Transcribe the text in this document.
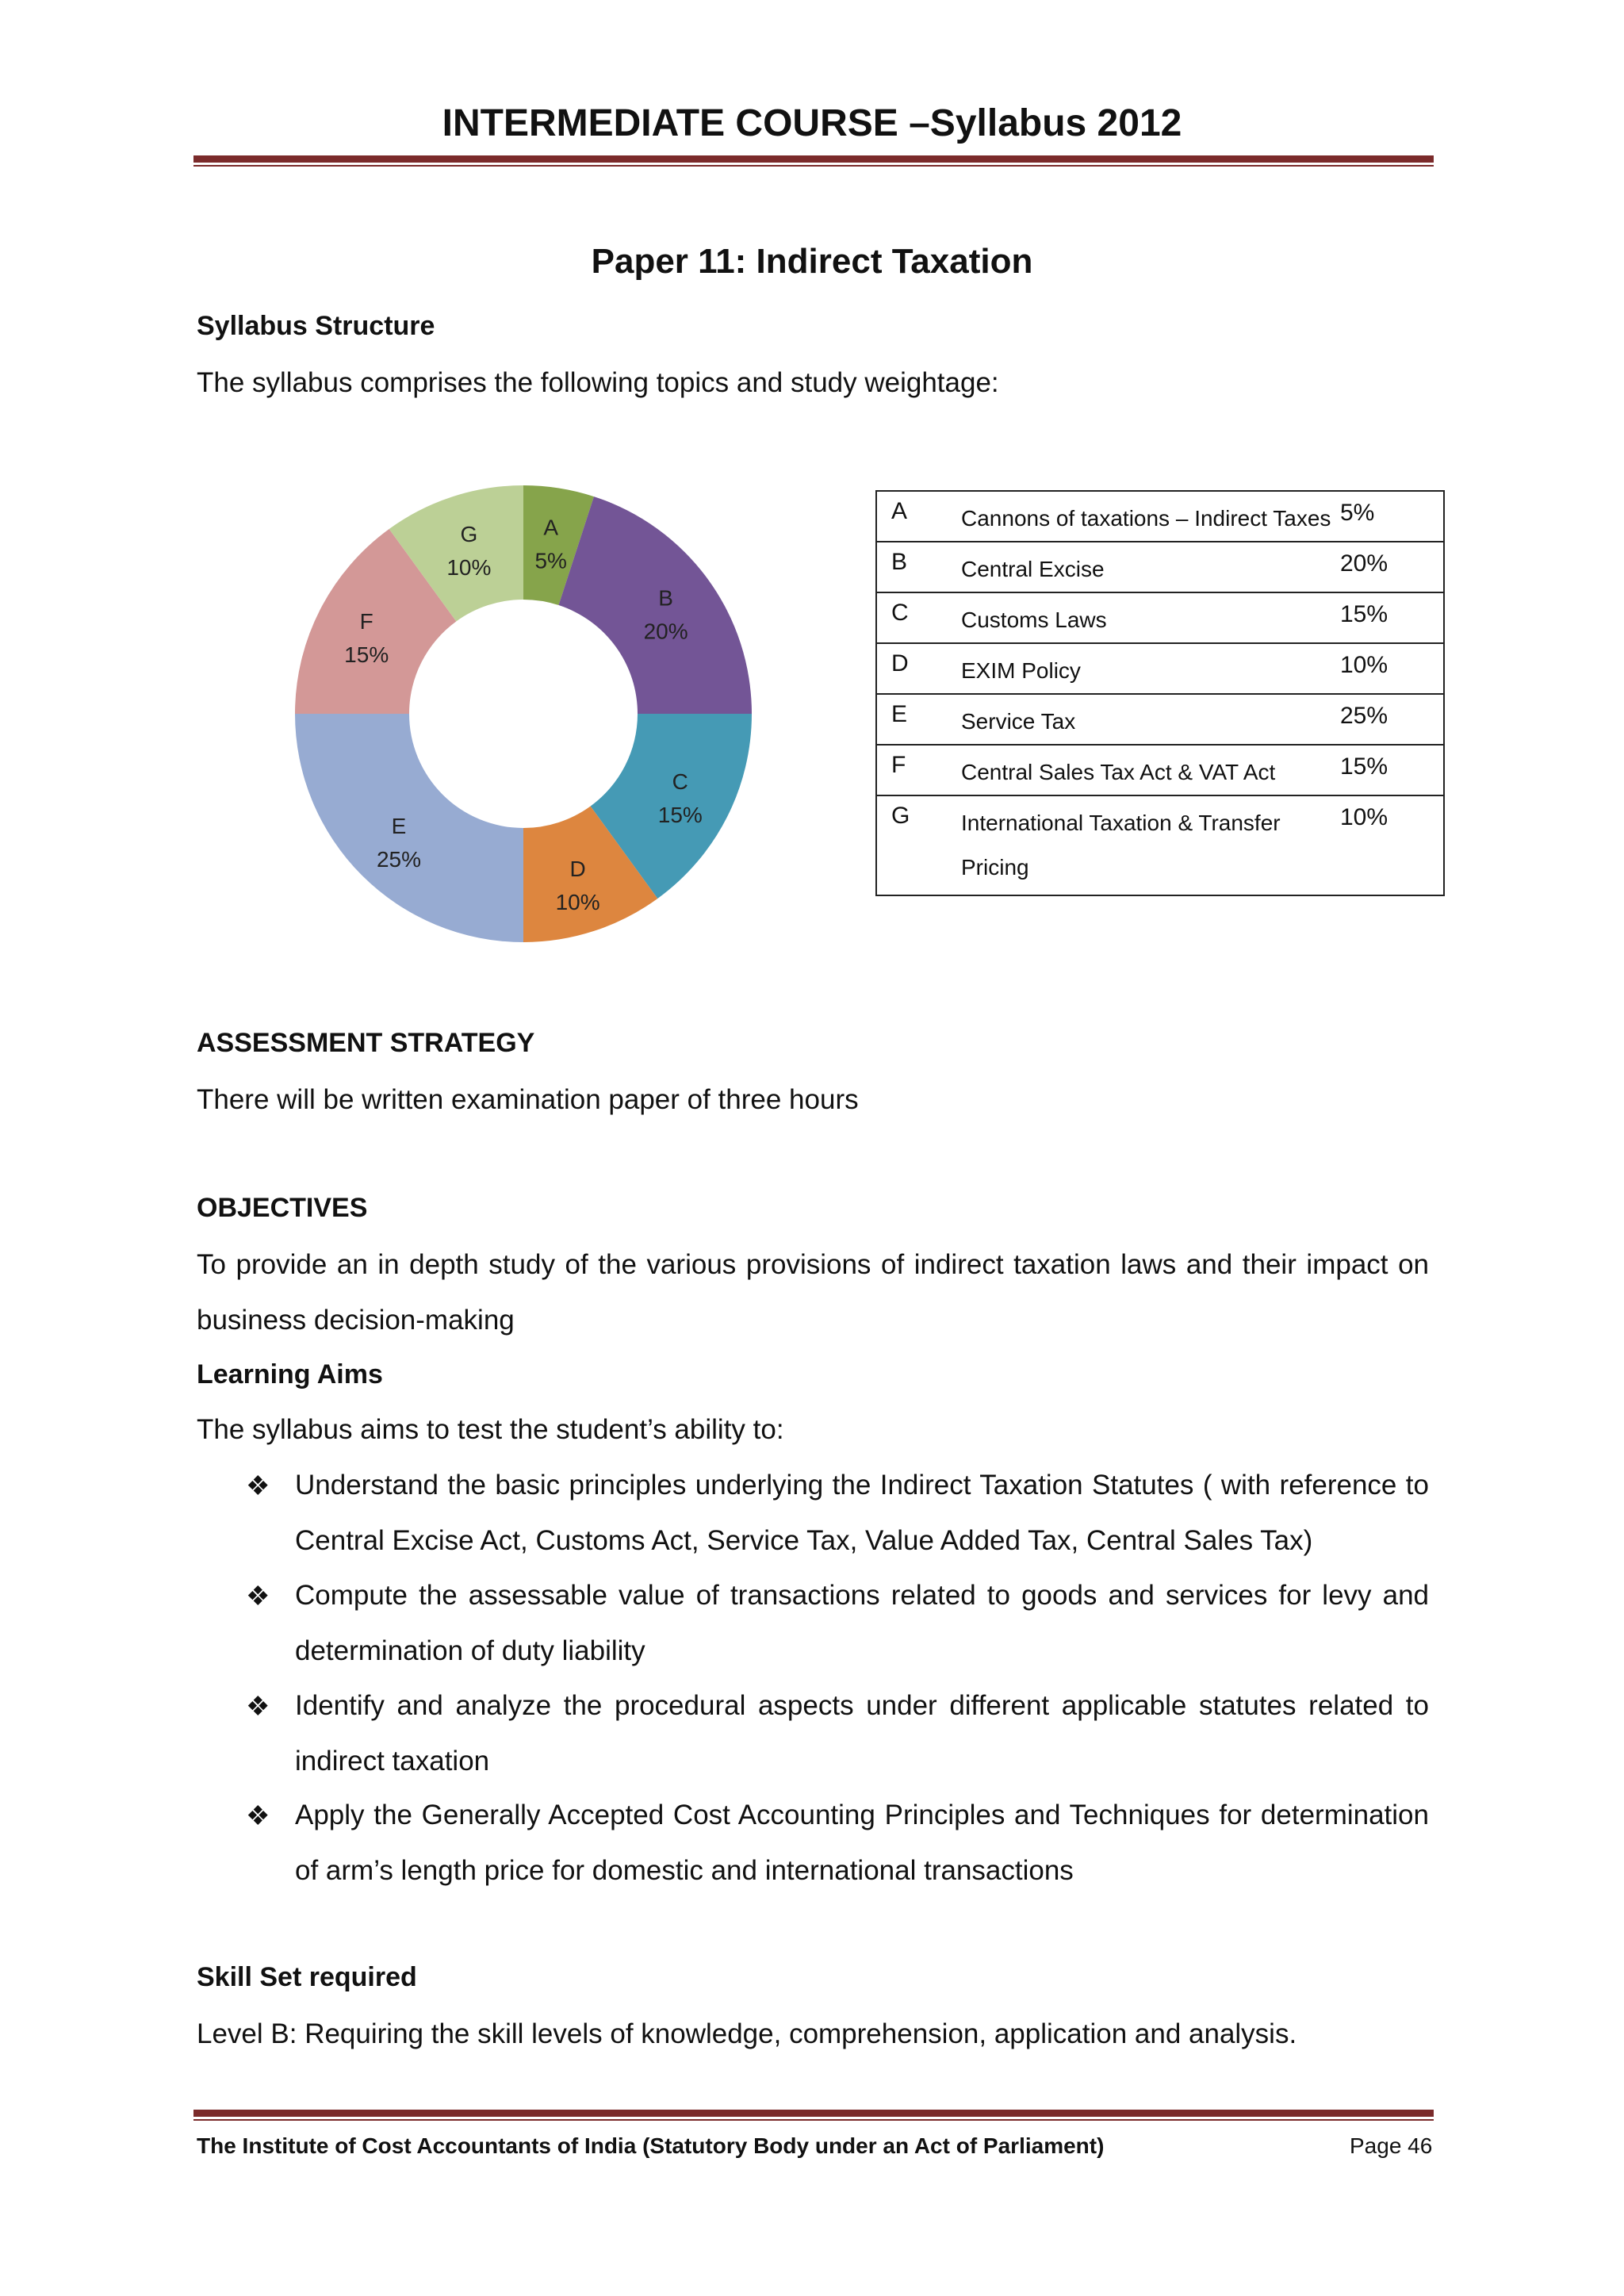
INTERMEDIATE COURSE –Syllabus 2012
Paper 11: Indirect Taxation
Syllabus Structure
The syllabus comprises the following topics and study weightage:
A
5%
B
20%
C
15%
D
10%
E
25%
F
15%
G
10%
A	Cannons of taxations – Indirect Taxes	5%
B	Central Excise	20%
C	Customs Laws	15%
D	EXIM Policy	10%
E	Service Tax	25%
F	Central Sales Tax Act & VAT Act	15%
G	International Taxation & Transfer Pricing	10%
ASSESSMENT STRATEGY
There will be written examination paper of three hours
OBJECTIVES
To provide an in depth study of the various provisions of indirect taxation laws and their impact on business decision-making
Learning Aims
The syllabus aims to test the student’s ability to:
❖ Understand the basic principles underlying the Indirect Taxation Statutes ( with reference to Central Excise Act, Customs Act, Service Tax, Value Added Tax, Central Sales Tax)
❖ Compute the assessable value of transactions related to goods and services for levy and determination of duty liability
❖ Identify and analyze the procedural aspects under different applicable statutes related to indirect taxation
❖ Apply the Generally Accepted Cost Accounting Principles and Techniques for determination of arm’s length price for domestic and international transactions
Skill Set required
Level B: Requiring the skill levels of knowledge, comprehension, application and analysis.
The Institute of Cost Accountants of India (Statutory Body under an Act of Parliament)	Page 46
